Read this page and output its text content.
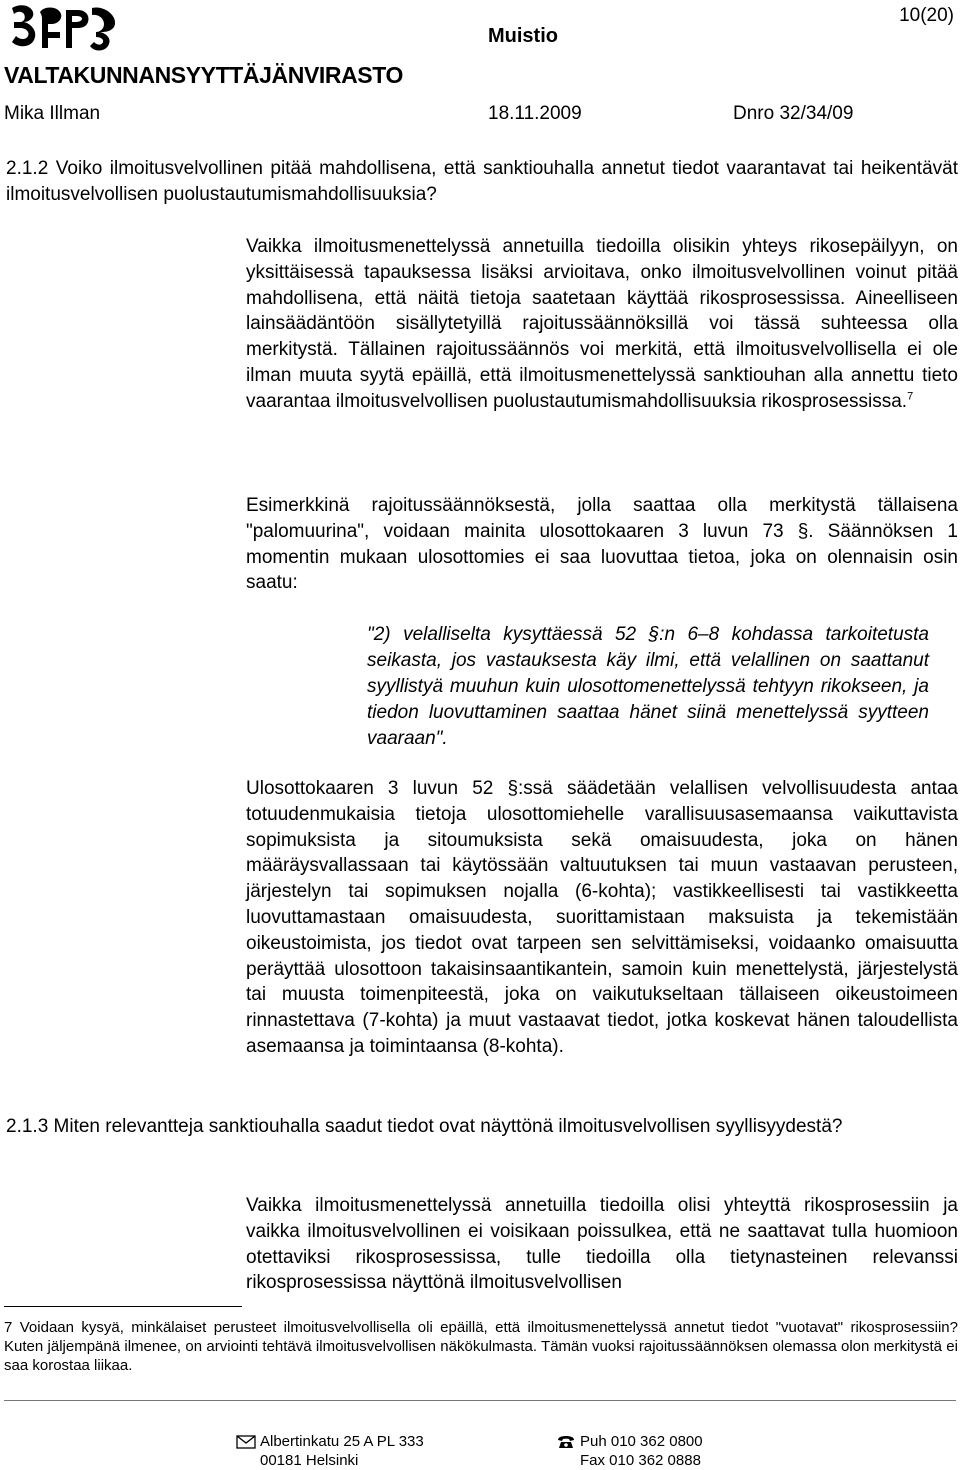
VALTAKUNNANSYYTTÄJÄNVIRASTO
Muistio
10(20)
Mika Illman	18.11.2009	Dnro 32/34/09

2.1.2 Voiko ilmoitusvelvollinen pitää mahdollisena, että sanktiouhalla annetut tiedot vaarantavat tai heikentävät ilmoitusvelvollisen puolustautumismahdollisuuksia?

Vaikka ilmoitusmenettelyssä annetuilla tiedoilla olisikin yhteys rikosepäilyyn, on yksittäisessä tapauksessa lisäksi arvioitava, onko ilmoitusvelvollinen voinut pitää mahdollisena, että näitä tietoja saatetaan käyttää rikosprosessissa. Aineelliseen lainsäädäntöön sisällytetyillä rajoitussäännöksillä voi tässä suhteessa olla merkitystä. Tällainen rajoitussäännös voi merkitä, että ilmoitusvelvollisella ei ole ilman muuta syytä epäillä, että ilmoitusmenettelyssä sanktiouhan alla annettu tieto vaarantaa ilmoitusvelvollisen puolustautumismahdollisuuksia rikosprosessissa.$^7$

Esimerkkinä rajoitussäännöksestä, jolla saattaa olla merkitystä tällaisena "palomuurina", voidaan mainita ulosottokaaren 3 luvun 73 §. Säännöksen 1 momentin mukaan ulosottomies ei saa luovuttaa tietoa, joka on olennaisin osin saatu:

"2) velalliselta kysyttäessä 52 §:n 6–8 kohdassa tarkoitetusta seikasta, jos vastauksesta käy ilmi, että velallinen on saattanut syyllistyä muuhun kuin ulosottomenettelyssä tehtyyn rikokseen, ja tiedon luovuttaminen saattaa hänet siinä menettelyssä syytteen vaaraan".

Ulosottokaaren 3 luvun 52 §:ssä säädetään velallisen velvollisuudesta antaa totuudenmukaisia tietoja ulosottomiehelle varallisuusasemaansa vaikuttavista sopimuksista ja sitoumuksista sekä omaisuudesta, joka on hänen määräysvallassaan tai käytössään valtuutuksen tai muun vastaavan perusteen, järjestelyn tai sopimuksen nojalla (6-kohta); vastikkeellisesti tai vastikkeetta luovuttamastaan omaisuudesta, suorittamistaan maksuista ja tekemistään oikeustoimista, jos tiedot ovat tarpeen sen selvittämiseksi, voidaanko omaisuutta peräyttää ulosottoon takaisinsaantikantein, samoin kuin menettelystä, järjestelystä tai muusta toimenpiteestä, joka on vaikutukseltaan tällaiseen oikeustoimeen rinnastettava (7-kohta) ja muut vastaavat tiedot, jotka koskevat hänen taloudellista asemaansa ja toimintaansa (8-kohta).

2.1.3 Miten relevantteja sanktiouhalla saadut tiedot ovat näyttönä ilmoitusvelvollisen syyllisyydestä?

Vaikka ilmoitusmenettelyssä annetuilla tiedoilla olisi yhteyttä rikosprosessiin ja vaikka ilmoitusvelvollinen ei voisikaan poissulkea, että ne saattavat tulla huomioon otettaviksi rikosprosessissa, tulle tiedoilla olla tietynasteinen relevanssi rikosprosessissa näyttönä ilmoitusvelvollisen

7 Voidaan kysyä, minkälaiset perusteet ilmoitusvelvollisella oli epäillä, että ilmoitusmenettelyssä annetut tiedot "vuotavat" rikosprosessiin? Kuten jäljempänä ilmenee, on arviointi tehtävä ilmoitusvelvollisen näkökulmasta. Tämän vuoksi rajoitussäännöksen olemassa olon merkitystä ei saa korostaa liikaa.

Albertinkatu 25 A PL 333
00181 Helsinki
Puh 010 362 0800
Fax 010 362 0888
